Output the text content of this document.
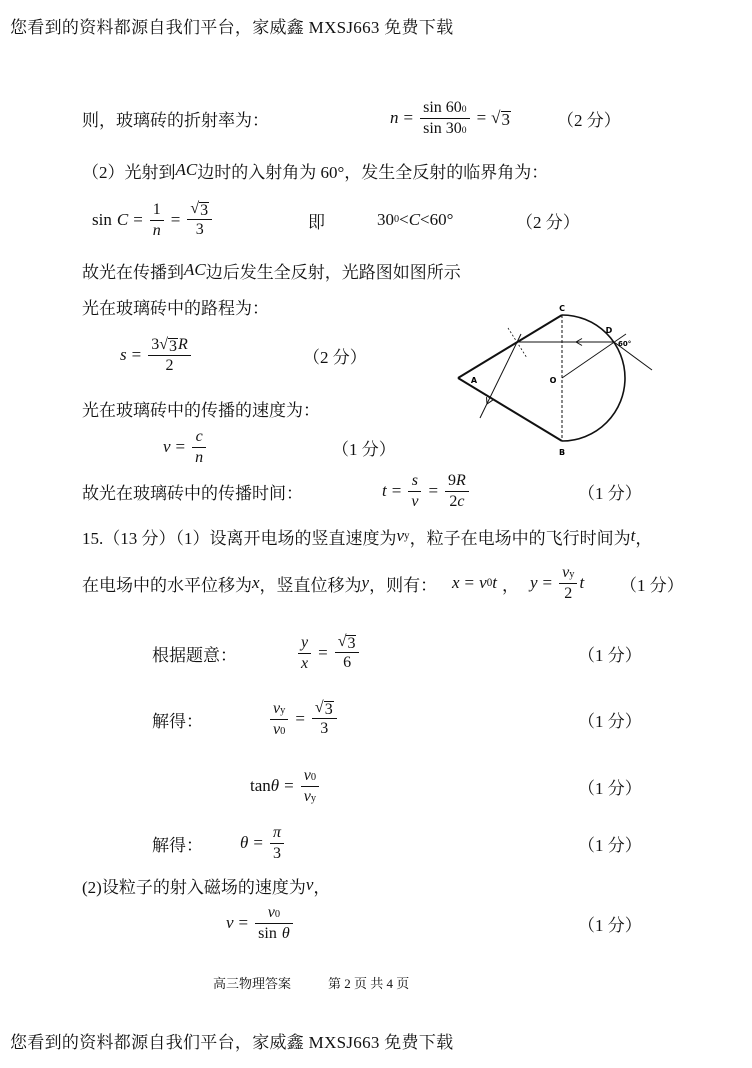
您看到的资料都源自我们平台，家威鑫 MXSJ663 免费下载
则，玻璃砖的折射率为：	$n = \frac{\sin 60 0}{\sin 30 0}$ = √ 3	（2 分）
（2）光射到 AC 边时的入射角为 60°，发生全反射的临界角为：
$\sin C = \frac{1}{n} = \frac{√ 3}{3}$	即	30 0 < C <60°	（2 分）
故光在传播到 AC 边后发生全反射，光路图如图所示
光在玻璃砖中的路程为：
$s = \frac{3 √ 3 R}{2}$	（2 分）
光在玻璃砖中的传播的速度为：
$v = \frac{c}{n}$	（1 分）
故光在玻璃砖中的传播时间：	$t = \frac{s}{v} = \frac{9 R}{2 c}$	（1 分）
15.（13 分）（1）设离开电场的竖直速度为 v y ，粒子在电场中的飞行时间为 t ，
在电场中的水平位移为 x ，竖直位移为 y ，则有： x = v 0 t ， $y = \frac{\text{v y}}{2}$ t （1 分）
根据题意：	$\frac{y}{x} = \frac{√ 3}{6}$	（1 分）
解得：	$\frac{\text{v y}}{v 0} = \frac{√ 3}{3}$	（1 分）
$\tan \theta = \frac{v 0}{\text{v y}}$	（1 分）
解得： $\theta = \frac{\pi}{3}$	（1 分）
(2)设粒子的射入磁场的速度为 v ，
$v = \frac{v 0}{\text{sin θ}}$	（1 分）
C
D
A	O
B
60°
高三物理答案	第 2 页 共 4 页
您看到的资料都源自我们平台，家威鑫 MXSJ663 免费下载
